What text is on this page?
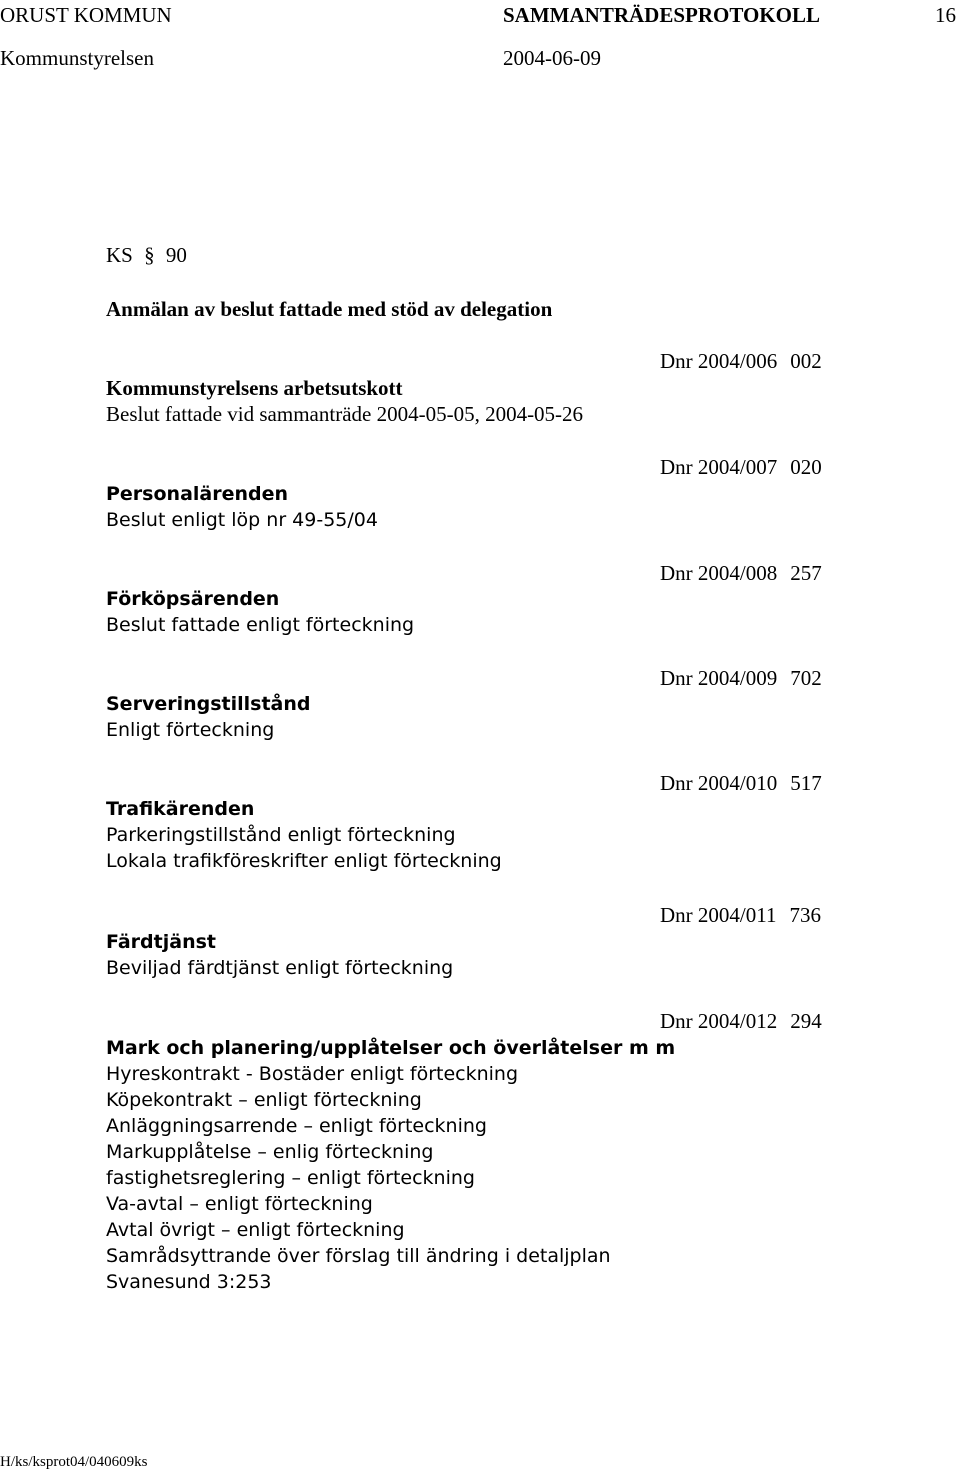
ORUST KOMMUN	SAMMANTRÄDESPROTOKOLL	16
Kommunstyrelsen	2004-06-09
KS § 90
Anmälan av beslut fattade med stöd av delegation
Kommunstyrelsens arbetsutskott
Beslut fattade vid sammanträde 2004-05-05, 2004-05-26
Dnr 2004/006 002
Personalärenden
Beslut enligt löp nr 49-55/04
Dnr 2004/007 020
Förköpsärenden
Beslut fattade enligt förteckning
Dnr 2004/008 257
Serveringstillstånd
Enligt förteckning
Dnr 2004/009 702
Trafikärenden
Parkeringstillstånd enligt förteckning
Lokala trafikföreskrifter enligt förteckning
Dnr 2004/010 517
Färdtjänst
Beviljad färdtjänst enligt förteckning
Dnr 2004/011 736
Mark och planering/upplåtelser och överlåtelser m m
Hyreskontrakt - Bostäder enligt förteckning
Köpekontrakt – enligt förteckning
Anläggningsarrende – enligt förteckning
Markupplåtelse – enlig förteckning
fastighetsreglering – enligt förteckning
Va-avtal – enligt förteckning
Avtal övrigt – enligt förteckning
Samrådsyttrande över förslag till ändring i detaljplan
Svanesund 3:253
Dnr 2004/012 294
H/ks/ksprot04/040609ks
